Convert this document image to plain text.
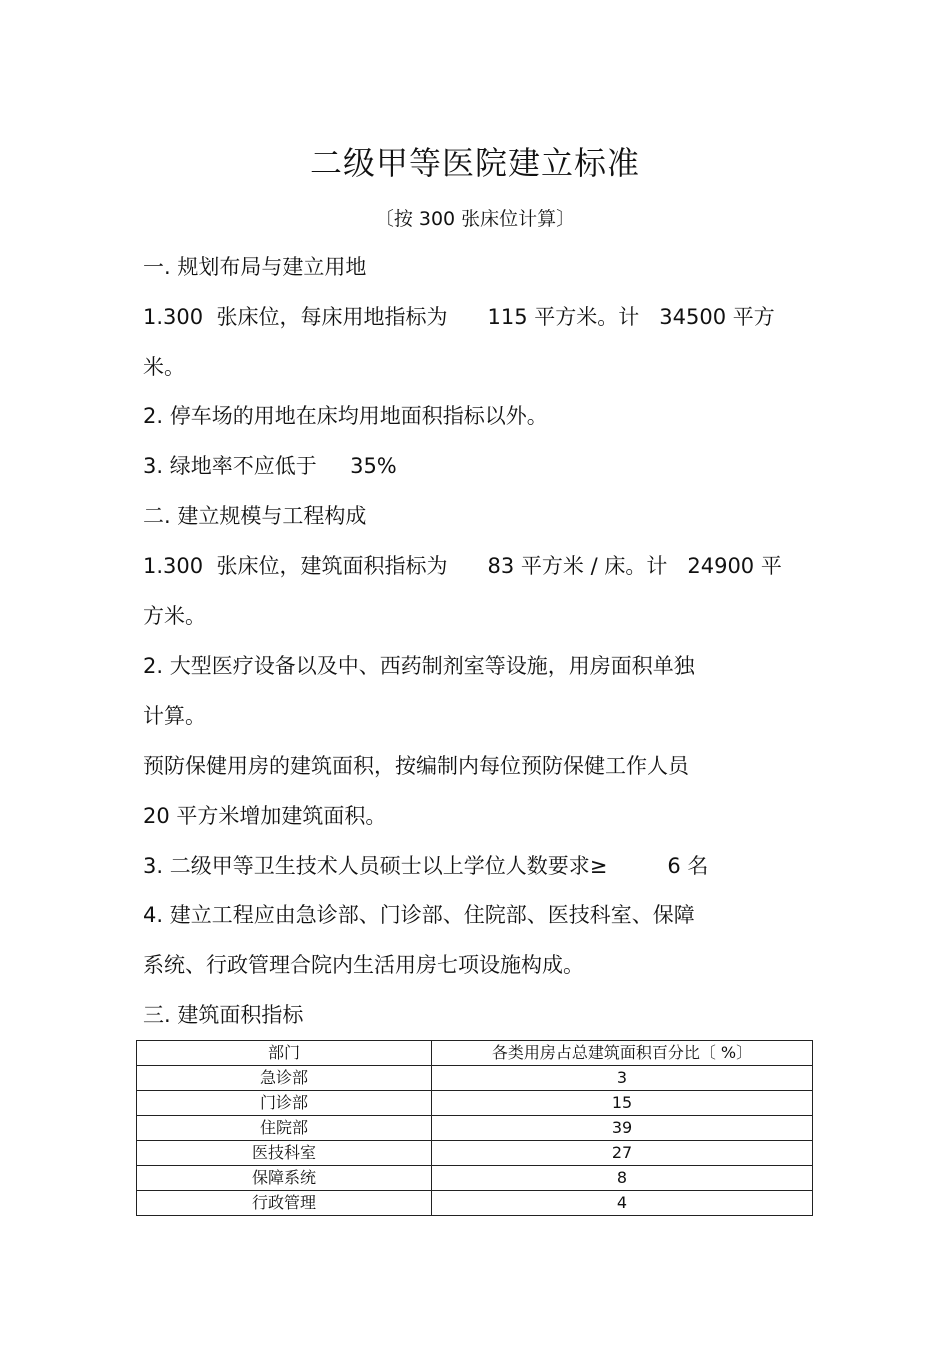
二级甲等医院建立标准
〔按 300 张床位计算〕
一. 规划布局与建立用地
1.300  张床位，每床用地指标为      115 平方米。计   34500 平方
米。
2. 停车场的用地在床均用地面积指标以外。
3. 绿地率不应低于     35%
二. 建立规模与工程构成
1.300  张床位，建筑面积指标为      83 平方米 / 床。计   24900 平
方米。
2. 大型医疗设备以及中、西药制剂室等设施，用房面积单独
计算。
预防保健用房的建筑面积，按编制内每位预防保健工作人员
20 平方米增加建筑面积。
3. 二级甲等卫生技术人员硕士以上学位人数要求≥         6 名
4. 建立工程应由急诊部、门诊部、住院部、医技科室、保障
系统、行政管理合院内生活用房七项设施构成。
三. 建筑面积指标
部门	各类用房占总建筑面积百分比〔 %〕
急诊部	3
门诊部	15
住院部	39
医技科室	27
保障系统	8
行政管理	4
